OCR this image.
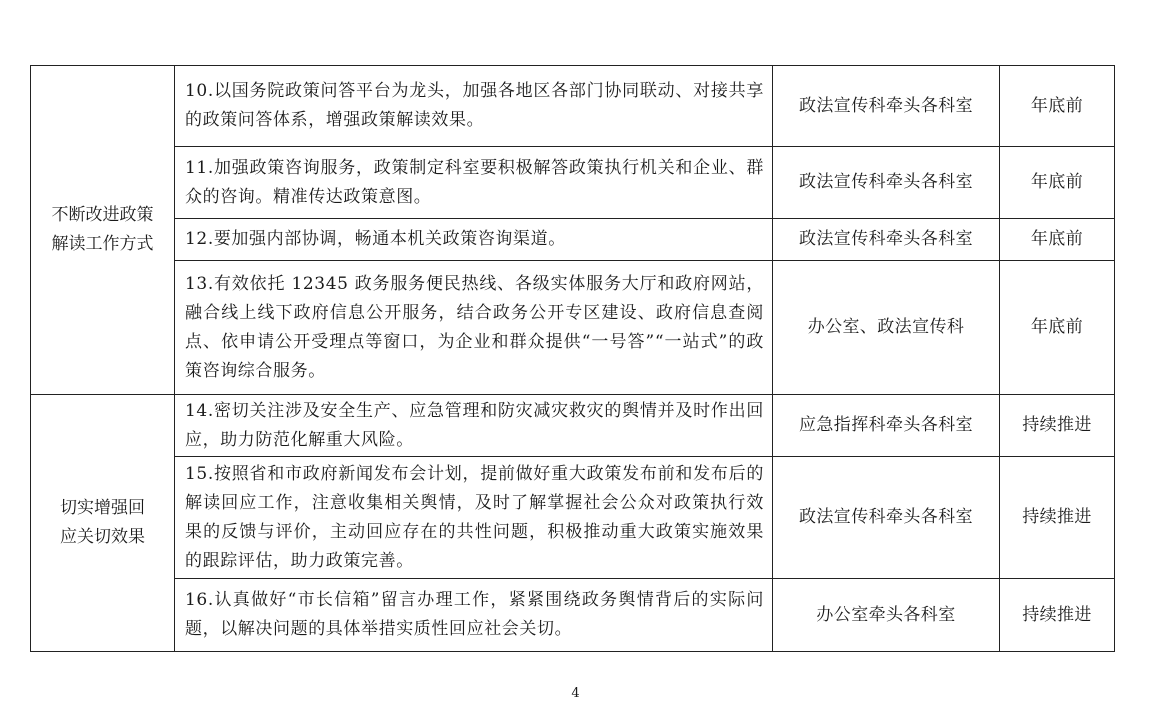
不断改进政策
解读工作方式	10.以国务院政策问答平台为龙头，加强各地区各部门协同联动、对接共享的政策问答体系，增强政策解读效果。	政法宣传科牵头各科室	年底前
	11.加强政策咨询服务，政策制定科室要积极解答政策执行机关和企业、群众的咨询。精准传达政策意图。	政法宣传科牵头各科室	年底前
	12.要加强内部协调，畅通本机关政策咨询渠道。	政法宣传科牵头各科室	年底前
	13.有效依托 12345 政务服务便民热线、各级实体服务大厅和政府网站，融合线上线下政府信息公开服务，结合政务公开专区建设、政府信息查阅点、依申请公开受理点等窗口，为企业和群众提供“一号答”“一站式”的政策咨询综合服务。	办公室、政法宣传科	年底前

切实增强回
应关切效果	14.密切关注涉及安全生产、应急管理和防灾减灾救灾的舆情并及时作出回应，助力防范化解重大风险。	应急指挥科牵头各科室	持续推进
	15.按照省和市政府新闻发布会计划，提前做好重大政策发布前和发布后的解读回应工作，注意收集相关舆情，及时了解掌握社会公众对政策执行效果的反馈与评价，主动回应存在的共性问题，积极推动重大政策实施效果的跟踪评估，助力政策完善。	政法宣传科牵头各科室	持续推进
	16.认真做好“市长信箱”留言办理工作，紧紧围绕政务舆情背后的实际问题，以解决问题的具体举措实质性回应社会关切。	办公室牵头各科室	持续推进
4
